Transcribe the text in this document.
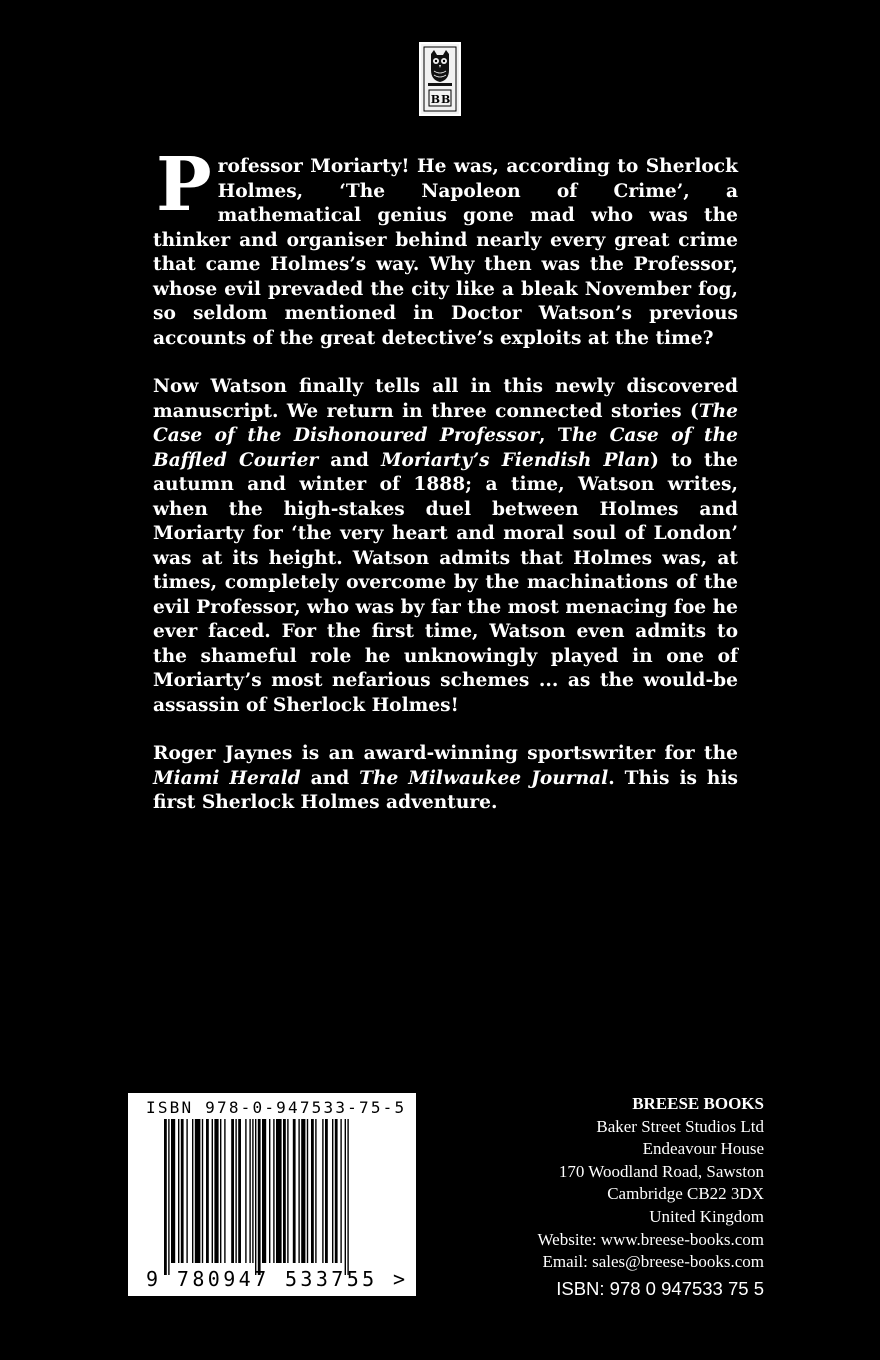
BB

Professor Moriarty! He was, according to Sherlock Holmes, ‘The Napoleon of Crime’, a mathematical genius gone mad who was the thinker and organiser behind nearly every great crime that came Holmes’s way. Why then was the Professor, whose evil prevaded the city like a bleak November fog, so seldom mentioned in Doctor Watson’s previous accounts of the great detective’s exploits at the time?

Now Watson finally tells all in this newly discovered manuscript. We return in three connected stories (The Case of the Dishonoured Professor, The Case of the Baffled Courier and Moriarty’s Fiendish Plan) to the autumn and winter of 1888; a time, Watson writes, when the high-stakes duel between Holmes and Moriarty for ‘the very heart and moral soul of London’ was at its height. Watson admits that Holmes was, at times, completely overcome by the machinations of the evil Professor, who was by far the most menacing foe he ever faced. For the first time, Watson even admits to the shameful role he unknowingly played in one of Moriarty’s most nefarious schemes ... as the would-be assassin of Sherlock Holmes!

Roger Jaynes is an award-winning sportswriter for the Miami Herald and The Milwaukee Journal. This is his first Sherlock Holmes adventure.

ISBN 978-0-947533-75-5
9 780947 533755 >
BREESE BOOKS
Baker Street Studios Ltd
Endeavour House
170 Woodland Road, Sawston
Cambridge CB22 3DX
United Kingdom
Website: www.breese-books.com
Email: sales@breese-books.com
ISBN: 978 0 947533 75 5
